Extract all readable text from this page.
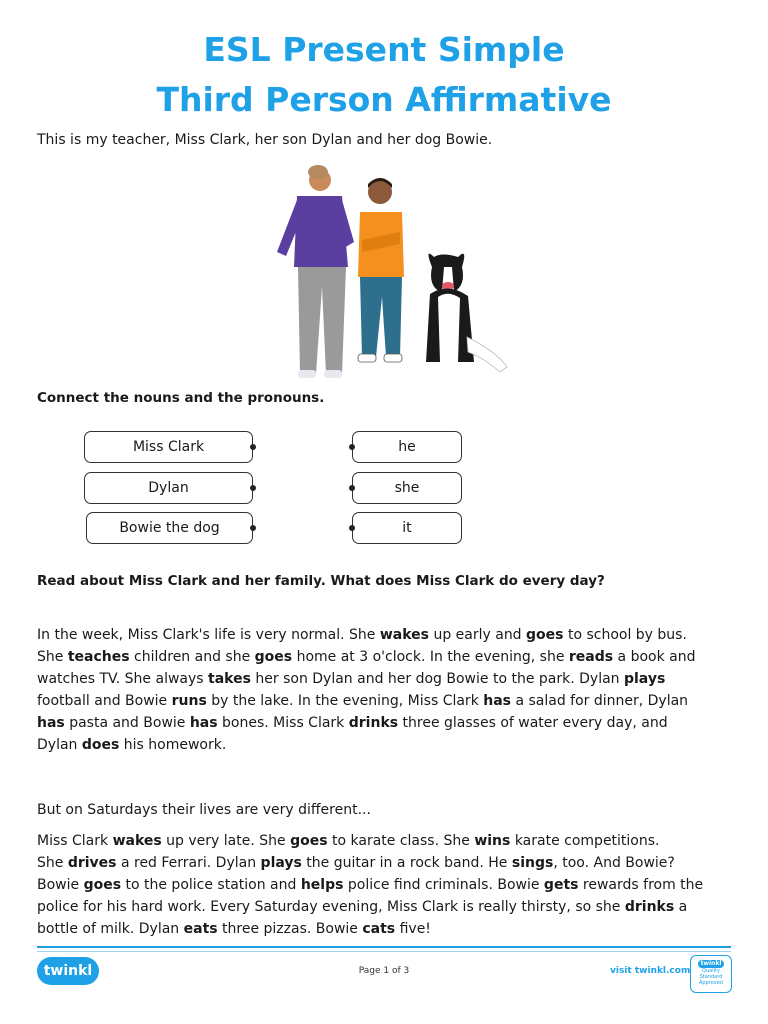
ESL Present Simple
Third Person Affirmative
This is my teacher, Miss Clark, her son Dylan and her dog Bowie.
Connect the nouns and the pronouns.
Miss Clark
Dylan
Bowie the dog
he
she
it
Read about Miss Clark and her family. What does Miss Clark do every day?
In the week, Miss Clark's life is very normal. She wakes up early and goes to school by bus.
She teaches children and she goes home at 3 o'clock. In the evening, she reads a book and
watches TV. She always takes her son Dylan and her dog Bowie to the park. Dylan plays
football and Bowie runs by the lake. In the evening, Miss Clark has a salad for dinner, Dylan
has pasta and Bowie has bones. Miss Clark drinks three glasses of water every day, and
Dylan does his homework.
But on Saturdays their lives are very different...
Miss Clark wakes up very late. She goes to karate class. She wins karate competitions.
She drives a red Ferrari. Dylan plays the guitar in a rock band. He sings, too. And Bowie?
Bowie goes to the police station and helps police find criminals. Bowie gets rewards from the
police for his hard work. Every Saturday evening, Miss Clark is really thirsty, so she drinks a
bottle of milk. Dylan eats three pizzas. Bowie cats five!
twinkl	Page 1 of 3	visit twinkl.com
twinkl
Quality Standard Approved
